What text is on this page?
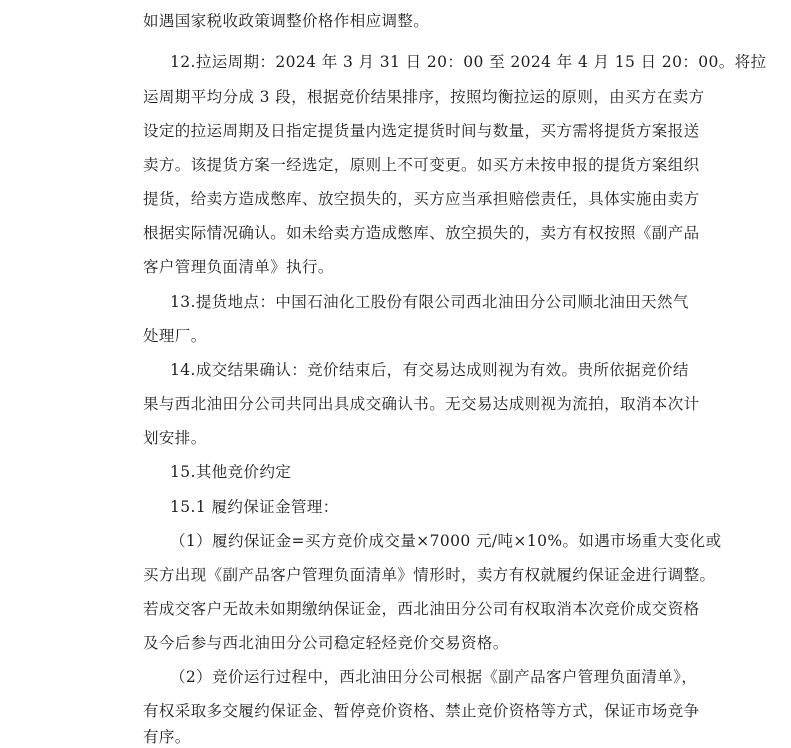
如遇国家税收政策调整价格作相应调整。
12.拉运周期：2024 年 3 月 31 日 20：00 至 2024 年 4 月 15 日 20：00。将拉
运周期平均分成 3 段，根据竞价结果排序，按照均衡拉运的原则，由买方在卖方
设定的拉运周期及日指定提货量内选定提货时间与数量，买方需将提货方案报送
卖方。该提货方案一经选定，原则上不可变更。如买方未按申报的提货方案组织
提货，给卖方造成憋库、放空损失的，买方应当承担赔偿责任，具体实施由卖方
根据实际情况确认。如未给卖方造成憋库、放空损失的，卖方有权按照《副产品
客户管理负面清单》执行。
13.提货地点：中国石油化工股份有限公司西北油田分公司顺北油田天然气
处理厂。
14.成交结果确认：竞价结束后，有交易达成则视为有效。贵所依据竞价结
果与西北油田分公司共同出具成交确认书。无交易达成则视为流拍，取消本次计
划安排。
15.其他竞价约定
15.1 履约保证金管理：
（1）履约保证金=买方竞价成交量×7000 元/吨×10%。如遇市场重大变化或
买方出现《副产品客户管理负面清单》情形时，卖方有权就履约保证金进行调整。
若成交客户无故未如期缴纳保证金，西北油田分公司有权取消本次竞价成交资格
及今后参与西北油田分公司稳定轻烃竞价交易资格。
（2）竞价运行过程中，西北油田分公司根据《副产品客户管理负面清单》，
有权采取多交履约保证金、暂停竞价资格、禁止竞价资格等方式，保证市场竞争
有序。
